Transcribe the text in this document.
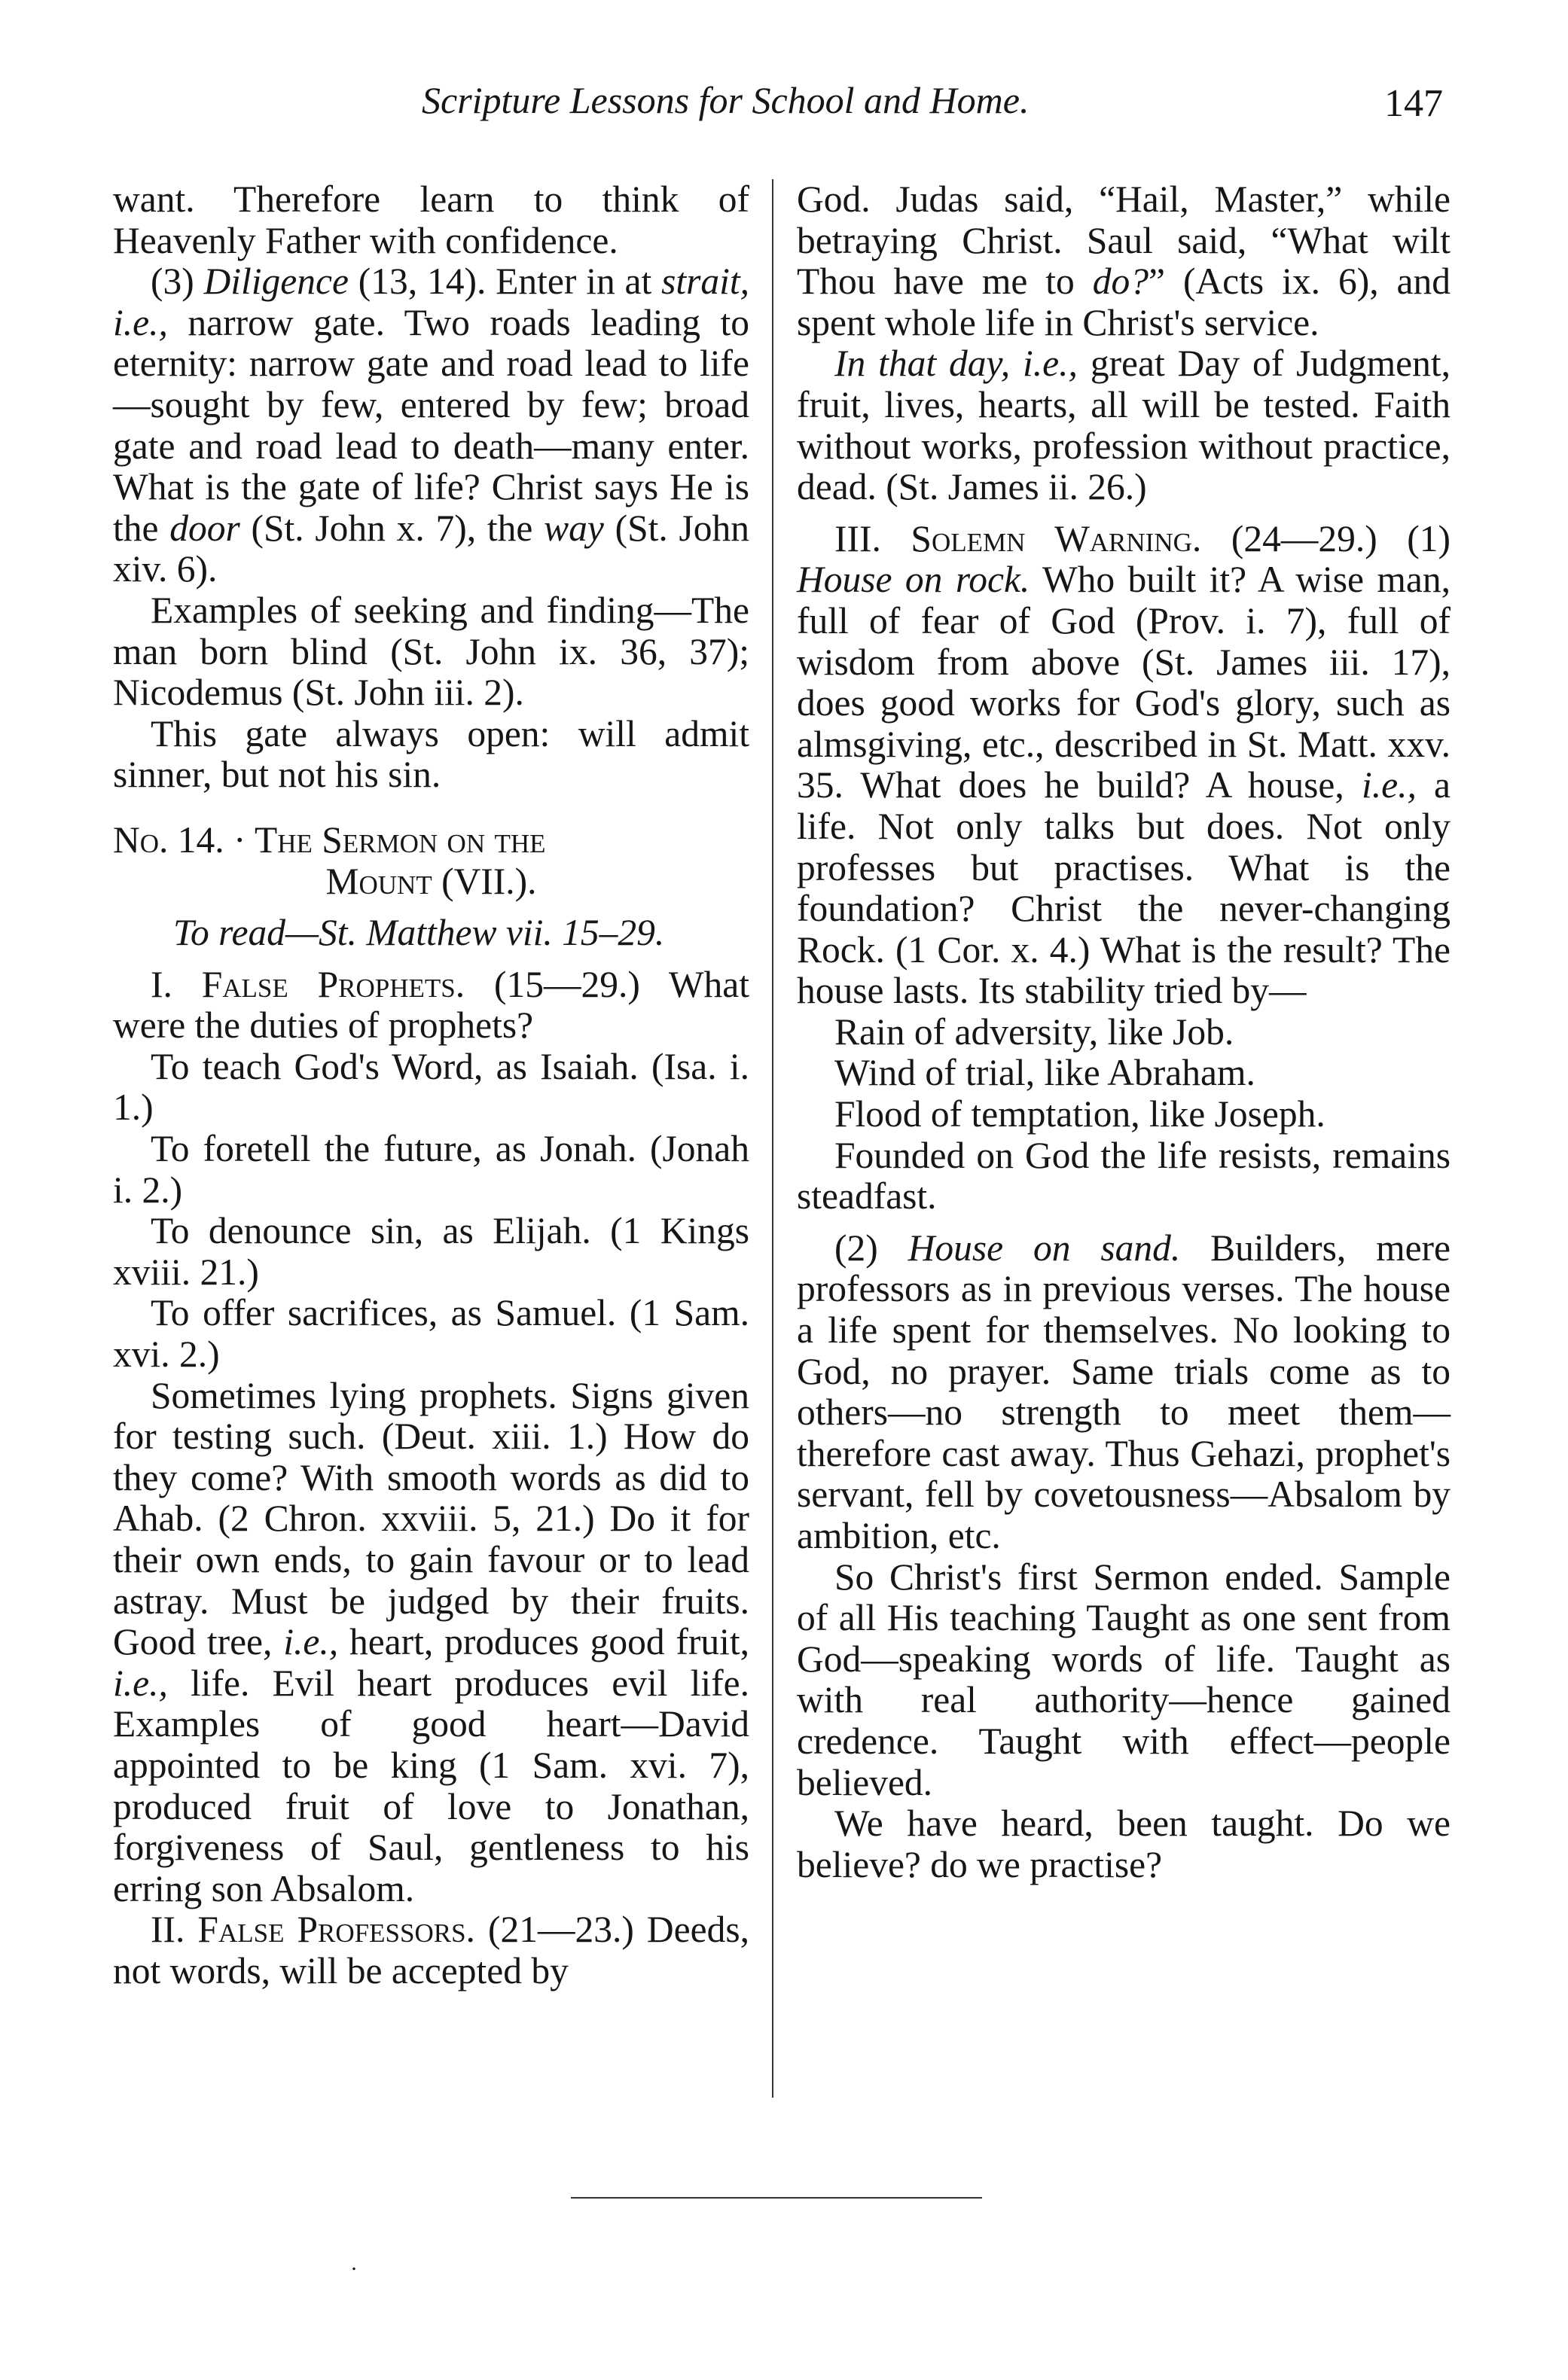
Scripture Lessons for School and Home.	147

want. Therefore learn to think of Heavenly Father with confidence.

(3) Diligence (13, 14). Enter in at strait, i.e., narrow gate. Two roads leading to eternity: narrow gate and road lead to life—sought by few, entered by few; broad gate and road lead to death—many enter. What is the gate of life? Christ says He is the door (St. John x. 7), the way (St. John xiv. 6).

Examples of seeking and finding—The man born blind (St. John ix. 36, 37); Nicodemus (St. John iii. 2).

This gate always open: will admit sinner, but not his sin.

No. 14. · The Sermon on the

Mount (VII.).

To read—St. Matthew vii. 15–29.

I. False Prophets. (15—29.) What were the duties of prophets?

To teach God's Word, as Isaiah. (Isa. i. 1.)

To foretell the future, as Jonah. (Jonah i. 2.)

To denounce sin, as Elijah. (1 Kings xviii. 21.)

To offer sacrifices, as Samuel. (1 Sam. xvi. 2.)

Sometimes lying prophets. Signs given for testing such. (Deut. xiii. 1.) How do they come? With smooth words as did to Ahab. (2 Chron. xxviii. 5, 21.) Do it for their own ends, to gain favour or to lead astray. Must be judged by their fruits. Good tree, i.e., heart, produces good fruit, i.e., life. Evil heart produces evil life. Examples of good heart—David appointed to be king (1 Sam. xvi. 7), produced fruit of love to Jonathan, forgiveness of Saul, gentleness to his erring son Absalom.

II. False Professors. (21—23.) Deeds, not words, will be accepted by

God. Judas said, “Hail, Master,” while betraying Christ. Saul said, “What wilt Thou have me to do?” (Acts ix. 6), and spent whole life in Christ's service.

In that day, i.e., great Day of Judgment, fruit, lives, hearts, all will be tested. Faith without works, profession without practice, dead. (St. James ii. 26.)

III. Solemn Warning. (24—29.) (1) House on rock. Who built it? A wise man, full of fear of God (Prov. i. 7), full of wisdom from above (St. James iii. 17), does good works for God's glory, such as almsgiving, etc., described in St. Matt. xxv. 35. What does he build? A house, i.e., a life. Not only talks but does. Not only professes but practises. What is the foundation? Christ the never-changing Rock. (1 Cor. x. 4.) What is the result? The house lasts. Its stability tried by—

Rain of adversity, like Job.

Wind of trial, like Abraham.

Flood of temptation, like Joseph.

Founded on God the life resists, remains steadfast.

(2) House on sand. Builders, mere professors as in previous verses. The house a life spent for themselves. No looking to God, no prayer. Same trials come as to others—no strength to meet them—therefore cast away. Thus Gehazi, prophet's servant, fell by covetousness—Absalom by ambition, etc.

So Christ's first Sermon ended. Sample of all His teaching Taught as one sent from God—speaking words of life. Taught as with real authority—hence gained credence. Taught with effect—people believed.

We have heard, been taught. Do we believe? do we practise?

·
